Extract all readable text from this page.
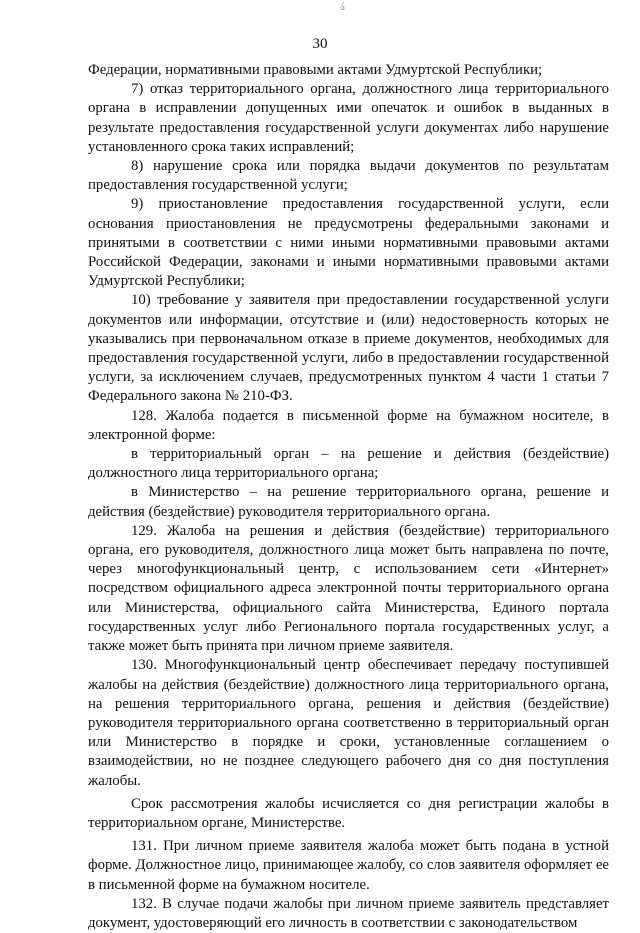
ა́
30

Федерации, нормативными правовыми актами Удмуртской Республики;

7) отказ территориального органа, должностного лица территориального органа в исправлении допущенных ими опечаток и ошибок в выданных в результате предоставления государственной услуги документах либо нарушение установленного срока таких исправлений;

8) нарушение срока или порядка выдачи документов по результатам предоставления государственной услуги;

9) приостановление предоставления государственной услуги, если основания приостановления не предусмотрены федеральными законами и принятыми в соответствии с ними иными нормативными правовыми актами Российской Федерации, законами и иными нормативными правовыми актами Удмуртской Республики;

10) требование у заявителя при предоставлении государственной услуги документов или информации, отсутствие и (или) недостоверность которых не указывались при первоначальном отказе в приеме документов, необходимых для предоставления государственной услуги, либо в предоставлении государственной услуги, за исключением случаев, предусмотренных пунктом 4 части 1 статьи 7 Федерального закона № 210-ФЗ.

128. Жалоба подается в письменной форме на бумажном носителе, в электронной форме:

в территориальный орган – на решение и действия (бездействие) должностного лица территориального органа;

в Министерство – на решение территориального органа, решение и действия (бездействие) руководителя территориального органа.

129. Жалоба на решения и действия (бездействие) территориального органа, его руководителя, должностного лица может быть направлена по почте, через многофункциональный центр, с использованием сети «Интернет» посредством официального адреса электронной почты территориального органа или Министерства, официального сайта Министерства, Единого портала государственных услуг либо Регионального портала государственных услуг, а также может быть принята при личном приеме заявителя.

130. Многофункциональный центр обеспечивает передачу поступившей жалобы на действия (бездействие) должностного лица территориального органа, на решения территориального органа, решения и действия (бездействие) руководителя территориального органа соответственно в территориальный орган или Министерство в порядке и сроки, установленные соглашением о взаимодействии, но не позднее следующего рабочего дня со дня поступления жалобы.

Срок рассмотрения жалобы исчисляется со дня регистрации жалобы в территориальном органе, Министерстве.

131. При личном приеме заявителя жалоба может быть подана в устной форме. Должностное лицо, принимающее жалобу, со слов заявителя оформляет ее в письменной форме на бумажном носителе.

132. В случае подачи жалобы при личном приеме заявитель представляет документ, удостоверяющий его личность в соответствии с законодательством
